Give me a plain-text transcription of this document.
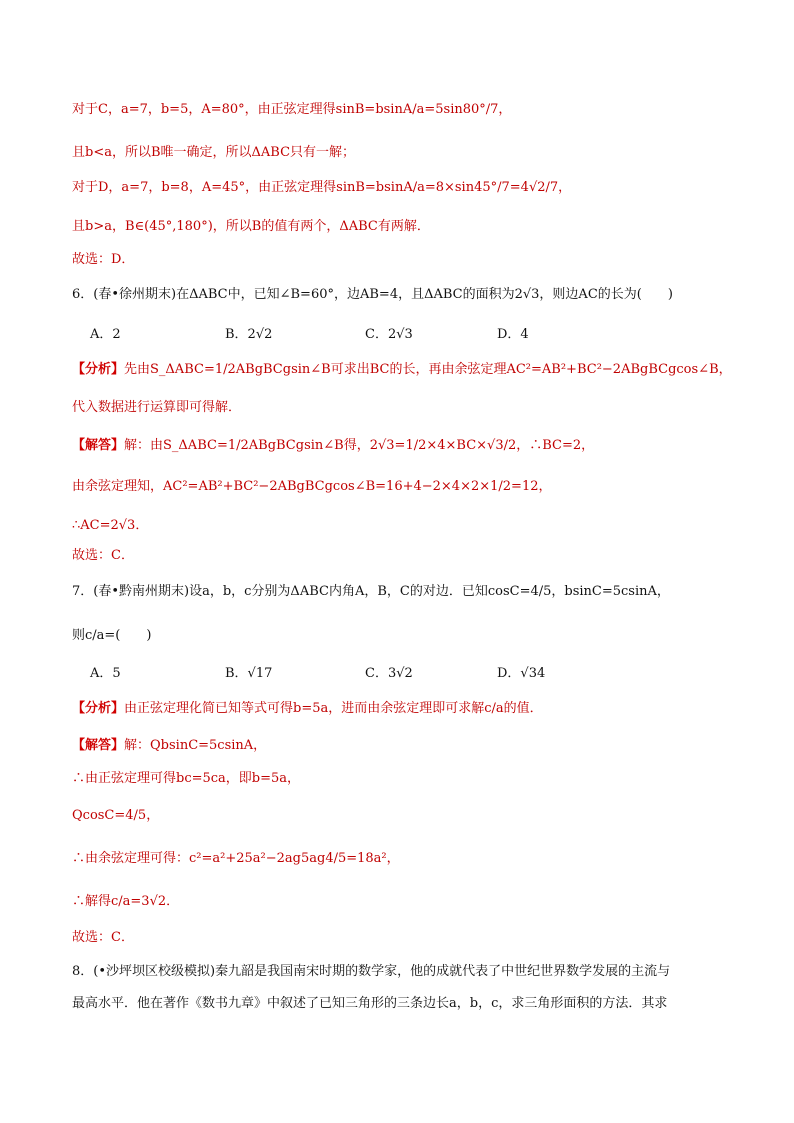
对于C，a=7，b=5，A=80°，由正弦定理得sinB=bsinA/a=5sin80°/7，
且b<a，所以B唯一确定，所以ΔABC只有一解；
对于D，a=7，b=8，A=45°，由正弦定理得sinB=bsinA/a=8×sin45°/7=4√2/7，
且b>a，B∈(45°,180°)，所以B的值有两个，ΔABC有两解．
故选：D．
6．(春•徐州期末)在ΔABC中，已知∠B=60°，边AB=4，且ΔABC的面积为2√3，则边AC的长为(　　)
A．2	B．2√2	C．2√3	D．4
【分析】先由S_ΔABC=1/2ABgBCgsin∠B可求出BC的长，再由余弦定理AC²=AB²+BC²−2ABgBCgcos∠B，
代入数据进行运算即可得解．
【解答】解：由S_ΔABC=1/2ABgBCgsin∠B得，2√3=1/2×4×BC×√3/2，∴BC=2，
由余弦定理知，AC²=AB²+BC²−2ABgBCgcos∠B=16+4−2×4×2×1/2=12，
∴AC=2√3．
故选：C．
7．(春•黔南州期末)设a，b，c分别为ΔABC内角A，B，C的对边．已知cosC=4/5，bsinC=5csinA，
则c/a=(　　)
A．5	B．√17	C．3√2	D．√34
【分析】由正弦定理化简已知等式可得b=5a，进而由余弦定理即可求解c/a的值．
【解答】解：QbsinC=5csinA，
∴由正弦定理可得bc=5ca，即b=5a，
QcosC=4/5，
∴由余弦定理可得：c²=a²+25a²−2ag5ag4/5=18a²，
∴解得c/a=3√2．
故选：C．
8．(•沙坪坝区校级模拟)秦九韶是我国南宋时期的数学家，他的成就代表了中世纪世界数学发展的主流与
最高水平．他在著作《数书九章》中叙述了已知三角形的三条边长a，b，c，求三角形面积的方法．其求
